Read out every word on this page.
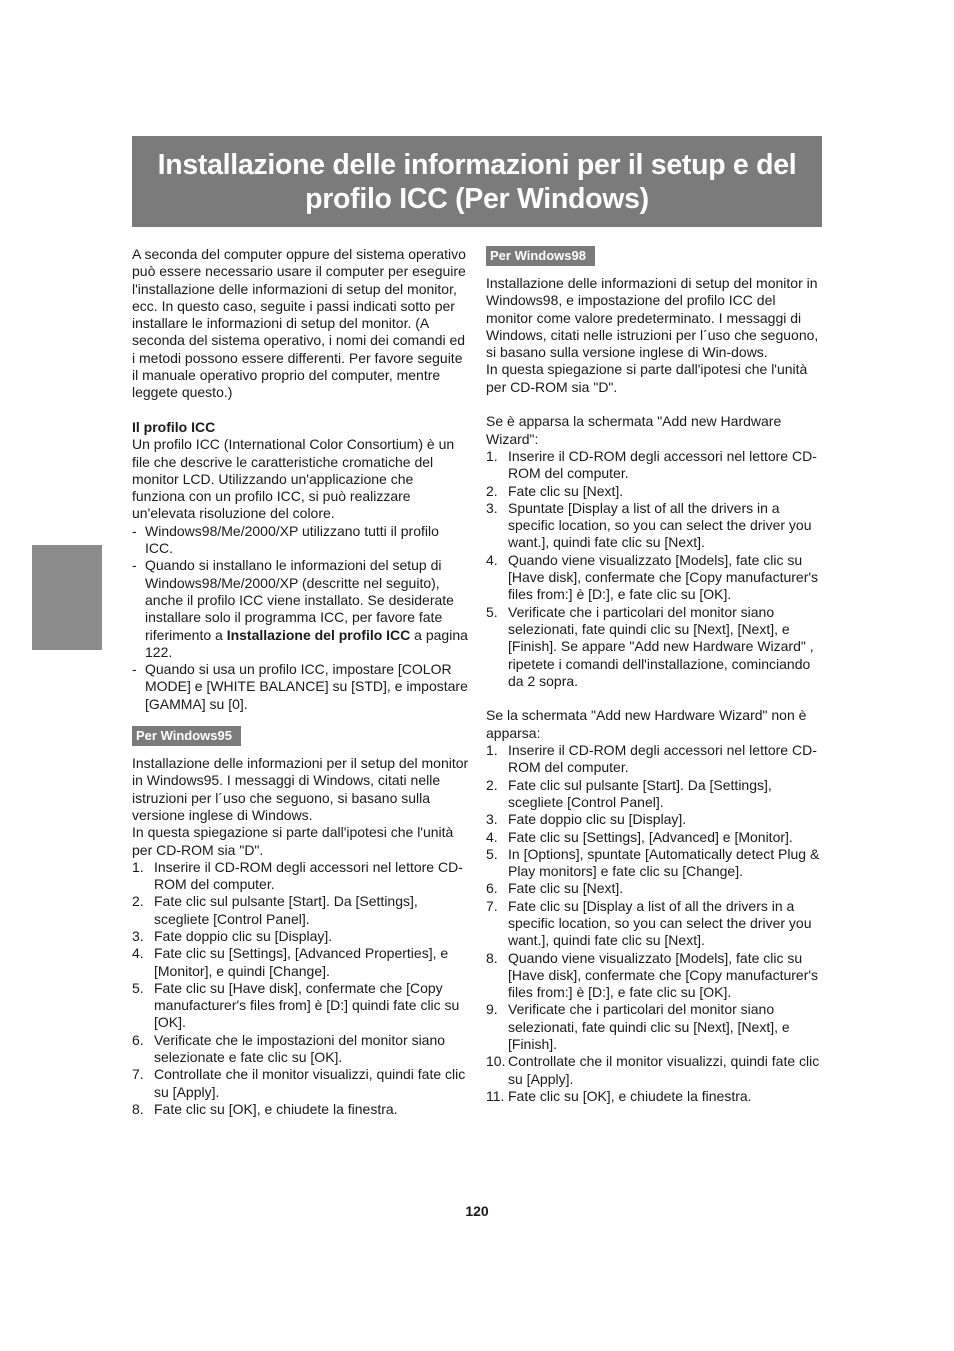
Installazione delle informazioni per il setup e del profilo ICC (Per Windows)

A seconda del computer oppure del sistema operativo può essere necessario usare il computer per eseguire l'installazione delle informazioni di setup del monitor, ecc. In questo caso, seguite i passi indicati sotto per installare le informazioni di setup del monitor. (A seconda del sistema operativo, i nomi dei comandi ed i metodi possono essere differenti. Per favore seguite il manuale operativo proprio del computer, mentre leggete questo.)

Il profilo ICC

Un profilo ICC (International Color Consortium) è un file che descrive le caratteristiche cromatiche del monitor LCD. Utilizzando un'applicazione che funziona con un profilo ICC, si può realizzare un'elevata risoluzione del colore.

- Windows98/Me/2000/XP utilizzano tutti il profilo ICC.
- Quando si installano le informazioni del setup di Windows98/Me/2000/XP (descritte nel seguito), anche il profilo ICC viene installato. Se desiderate installare solo il programma ICC, per favore fate riferimento a Installazione del profilo ICC a pagina 122.
- Quando si usa un profilo ICC, impostare [COLOR MODE] e [WHITE BALANCE] su [STD], e impostare [GAMMA] su [0].
Per Windows95

Installazione delle informazioni per il setup del monitor in Windows95. I messaggi di Windows, citati nelle istruzioni per l´uso che seguono, si basano sulla versione inglese di Windows.

In questa spiegazione si parte dall'ipotesi che l'unità per CD-ROM sia "D".

1. Inserire il CD-ROM degli accessori nel lettore CD-ROM del computer.
2. Fate clic sul pulsante [Start]. Da [Settings], scegliete [Control Panel].
3. Fate doppio clic su [Display].
4. Fate clic su [Settings], [Advanced Properties], e [Monitor], e quindi [Change].
5. Fate clic su [Have disk], confermate che [Copy manufacturer's files from] è [D:] quindi fate clic su [OK].
6. Verificate che le impostazioni del monitor siano selezionate e fate clic su [OK].
7. Controllate che il monitor visualizzi, quindi fate clic su [Apply].
8. Fate clic su [OK], e chiudete la finestra.
Per Windows98

Installazione delle informazioni di setup del monitor in Windows98, e impostazione del profilo ICC del monitor come valore predeterminato. I messaggi di Windows, citati nelle istruzioni per l´uso che seguono, si basano sulla versione inglese di Win-dows.

In questa spiegazione si parte dall'ipotesi che l'unità per CD-ROM sia "D".

Se è apparsa la schermata "Add new Hardware Wizard":

1. Inserire il CD-ROM degli accessori nel lettore CD-ROM del computer.
2. Fate clic su [Next].
3. Spuntate [Display a list of all the drivers in a specific location, so you can select the driver you want.], quindi fate clic su [Next].
4. Quando viene visualizzato [Models], fate clic su [Have disk], confermate che [Copy manufacturer's files from:] è [D:], e fate clic su [OK].
5. Verificate che i particolari del monitor siano selezionati, fate quindi clic su [Next], [Next], e [Finish]. Se appare "Add new Hardware Wizard" , ripetete i comandi dell'installazione, cominciando da 2 sopra.

Se la schermata "Add new Hardware Wizard" non è apparsa:

1. Inserire il CD-ROM degli accessori nel lettore CD-ROM del computer.
2. Fate clic sul pulsante [Start]. Da [Settings], scegliete [Control Panel].
3. Fate doppio clic su [Display].
4. Fate clic su [Settings], [Advanced] e [Monitor].
5. In [Options], spuntate [Automatically detect Plug & Play monitors] e fate clic su [Change].
6. Fate clic su [Next].
7. Fate clic su [Display a list of all the drivers in a specific location, so you can select the driver you want.], quindi fate clic su [Next].
8. Quando viene visualizzato [Models], fate clic su [Have disk], confermate che [Copy manufacturer's files from:] è [D:], e fate clic su [OK].
9. Verificate che i particolari del monitor siano selezionati, fate quindi clic su [Next], [Next], e [Finish].
10. Controllate che il monitor visualizzi, quindi fate clic su [Apply].
11. Fate clic su [OK], e chiudete la finestra.
120
